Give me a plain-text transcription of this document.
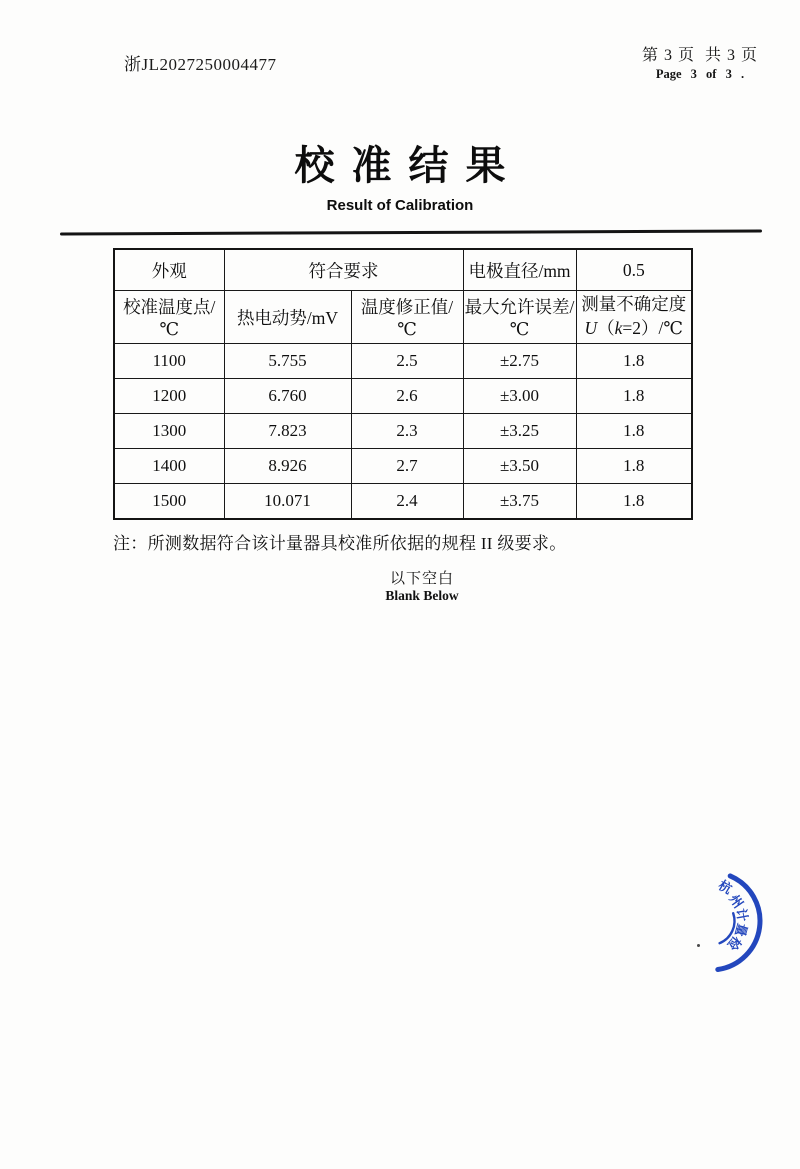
浙JL2027250004477	第 3 页  共 3 页
Page 3 of 3 .
校准结果
Result of Calibration
外观	符合要求		电极直径/mm	0.5
校准温度点/℃	热电动势/mV	温度修正值/℃	最大允许误差/℃	测量不确定度
U（k=2）/℃
1100	5.755	2.5	±2.75	1.8
1200	6.760	2.6	±3.00	1.8
1300	7.823	2.3	±3.25	1.8
1400	8.926	2.7	±3.50	1.8
1500	10.071	2.4	±3.75	1.8
注：所测数据符合该计量器具校准所依据的规程 II 级要求。
以下空白
Blank Below
杭
州
计
量
检
